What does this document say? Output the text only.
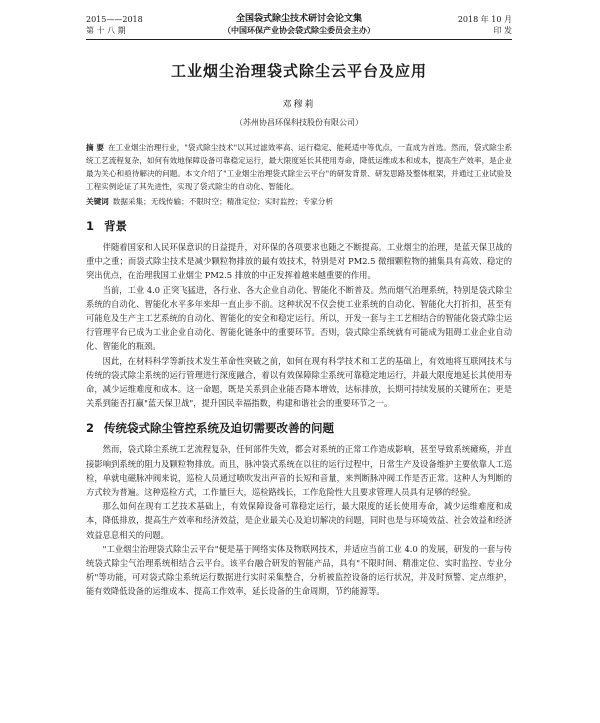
2015——2018
第 十 八 期
全国袋式除尘技术研讨会论文集
（中国环保产业协会袋式除尘委员会主办）
2018 年 10 月
印 发
工业烟尘治理袋式除尘云平台及应用
邓穆莉
（苏州协昌环保科技股份有限公司）
摘 要 在工业烟尘治理行业，"袋式除尘技术"以其过滤效率高、运行稳定、能耗适中等优点，一直成为首选。然而，袋式除尘系统工艺流程复杂，如何有效地保障设备可靠稳定运行，最大限度延长其使用寿命，降低运维成本和成本，提高生产效率，是企业最为关心和亟待解决的问题。本文介绍了"工业烟尘治理袋式除尘云平台"的研发背景、研发思路及整体框架，并通过工业试验及工程实例论证了其先进性，实现了袋式除尘的自动化、智能化。
关键词 数据采集；无线传输；不限时空；精准定位；实时监控；专家分析
1 背景

伴随着国家和人民环保意识的日益提升，对环保的各项要求也随之不断提高。工业烟尘的治理，是蓝天保卫战的重中之重；而袋式除尘技术是减少颗粒物排放的最有效技术，特别是对 PM2.5 微细颗粒物的捕集具有高效、稳定的突出优点，在治理我国工业烟尘 PM2.5 排放的中正发挥着越来越重要的作用。

当前，工业 4.0 正突飞猛进，各行业、各大企业自动化、智能化不断普及。然而烟气治理系统，特别是袋式除尘系统的自动化、智能化水平多年来却一直止步不前。这种状况不仅会使工业系统的自动化、智能化大打折扣，甚至有可能危及生产主工艺系统的自动化、智能化的安全和稳定运行。所以，开发一套与主工艺相结合的智能化袋式除尘运行管理平台已成为工业企业自动化、智能化链条中的重要环节。否则，袋式除尘系统就有可能成为阻碍工业企业自动化、智能化的瓶颈。

因此，在材料科学等新技术发生革命性突破之前，如何在现有科学技术和工艺的基础上，有效地将互联网技术与传统的袋式除尘系统的运行管理进行深度融合，着以有效保障除尘系统可靠稳定地运行，并最大限度地延长其使用寿命，减少运维难度和成本。这一命题，既是关系到企业能否降本增效，达标排放，长期可持续发展的关键所在；更是关系到能否打赢"蓝天保卫战"，提升国民幸福指数，构建和谐社会的重要环节之一。

2 传统袋式除尘管控系统及迫切需要改善的问题

然而，袋式除尘系统工艺流程复杂，任何部件失效，都会对系统的正常工作造成影响，甚至导致系统瘫痪，并直接影响到系统的阻力及颗粒物排放。而且，脉冲袋式系统在以往的运行过程中，日常生产及设备维护主要依靠人工巡检，单就电磁脉冲阀来说，巡检人员通过喷吹发出声音的长短和音量，来判断脉冲阀工作是否正常。这种人为判断的方式较为普遍。这种巡检方式，工作量巨大，巡检路线长，工作危险性大且要求管理人员具有足够的经验。

那么如何在现有工艺技术基础上，有效保障设备可靠稳定运行，最大限度的延长使用寿命，减少运维难度和成本，降低排放，提高生产效率和经济效益，是企业最关心及迫切解决的问题，同时也是与环境效益、社会效益和经济效益息息相关的问题。

"工业烟尘治理袋式除尘云平台"便是基于网络实体及物联网技术，并适应当前工业 4.0 的发展，研发的一套与传统袋式除尘气治理系统相结合云平台。该平台融合研发的智能产品，具有"不限时间、精准定位、实时监控、专业分析"等功能，可对袋式除尘系统运行数据进行实时采集整合，分析被监控设备的运行状况，并及时预警、定点维护，能有效降低设备的运维成本、提高工作效率，延长设备的生命周期，节约能源等。
